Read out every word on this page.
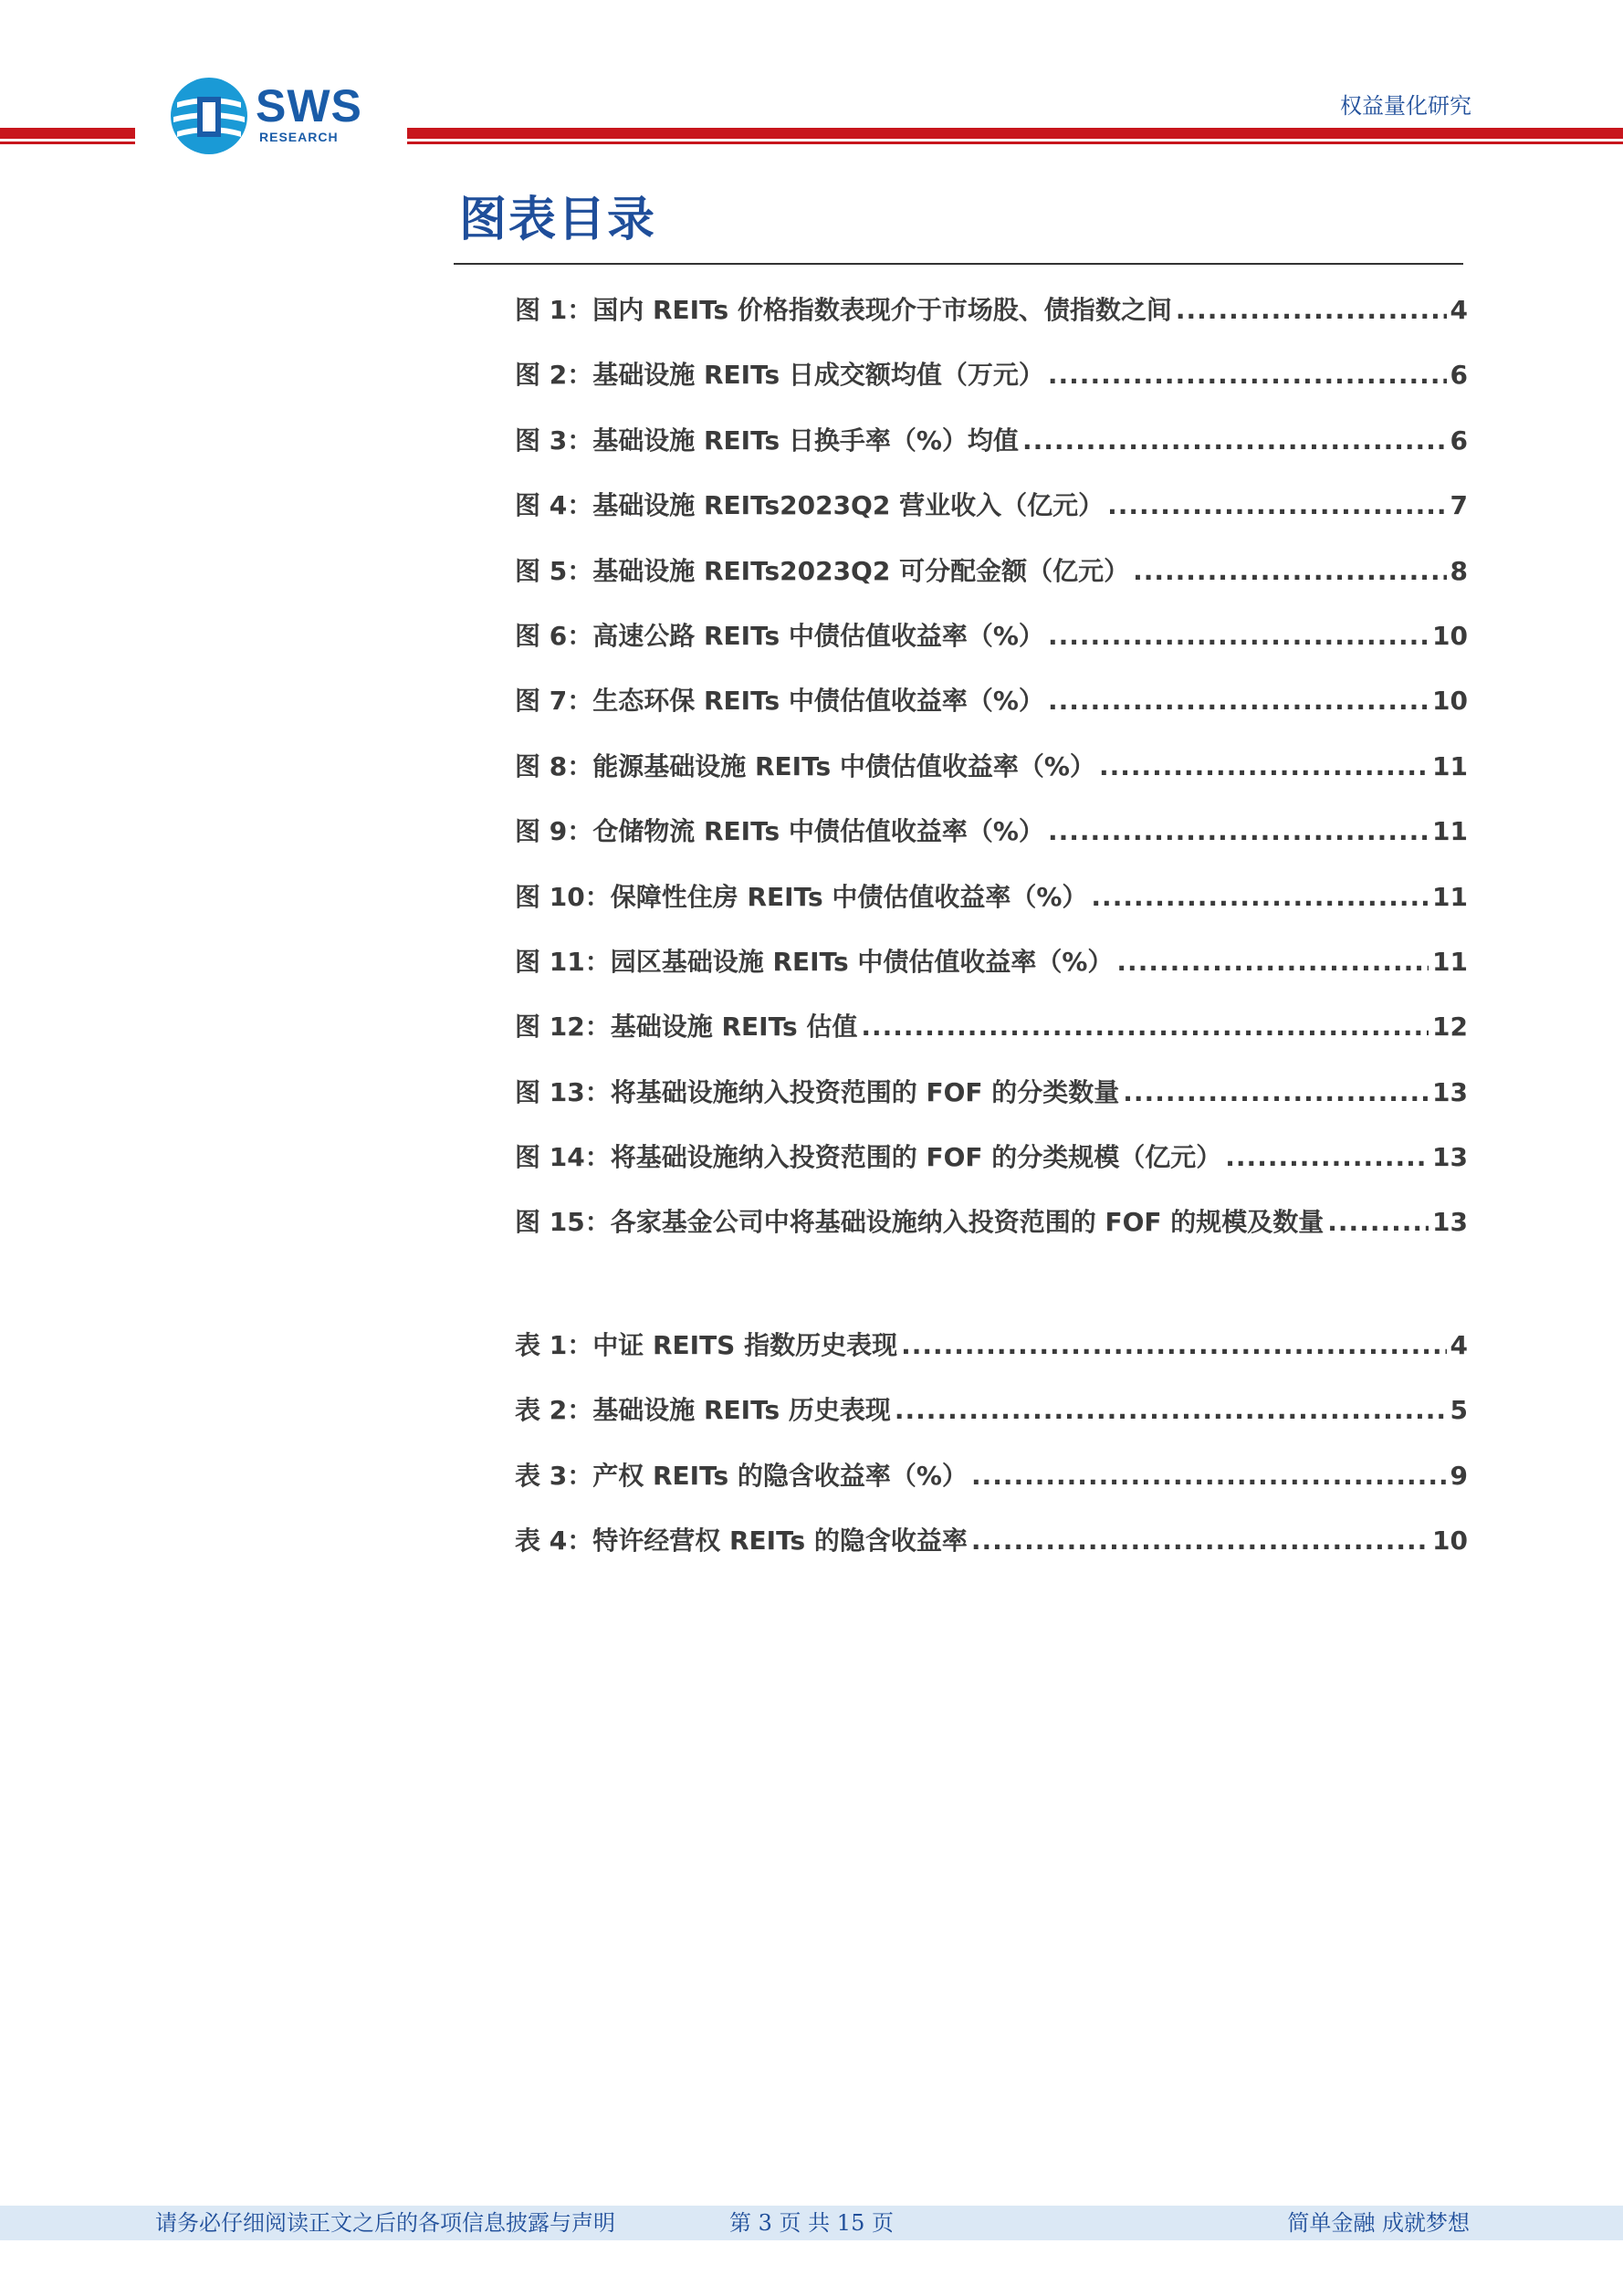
SWS
RESEARCH
权益量化研究
图表目录
图 1：国内 REITs 价格指数表现介于市场股、债指数之间 .....	4
图 2：基础设施 REITs 日成交额均值（万元） .....	6
图 3：基础设施 REITs 日换手率（%）均值 .....	6
图 4：基础设施 REITs2023Q2 营业收入（亿元） .....	7
图 5：基础设施 REITs2023Q2 可分配金额（亿元） .....	8
图 6：高速公路 REITs 中债估值收益率（%） .....	10
图 7：生态环保 REITs 中债估值收益率（%） .....	10
图 8：能源基础设施 REITs 中债估值收益率（%） .....	11
图 9：仓储物流 REITs 中债估值收益率（%） .....	11
图 10：保障性住房 REITs 中债估值收益率（%） .....	11
图 11：园区基础设施 REITs 中债估值收益率（%） .....	11
图 12：基础设施 REITs 估值 .....	12
图 13：将基础设施纳入投资范围的 FOF 的分类数量 .....	13
图 14：将基础设施纳入投资范围的 FOF 的分类规模（亿元） .....	13
图 15：各家基金公司中将基础设施纳入投资范围的 FOF 的规模及数量 .....	13
表 1：中证 REITS 指数历史表现 .....	4
表 2：基础设施 REITs 历史表现 .....	5
表 3：产权 REITs 的隐含收益率（%） .....	9
表 4：特许经营权 REITs 的隐含收益率 .....	10
请务必仔细阅读正文之后的各项信息披露与声明	第 3 页 共 15 页	简单金融 成就梦想
